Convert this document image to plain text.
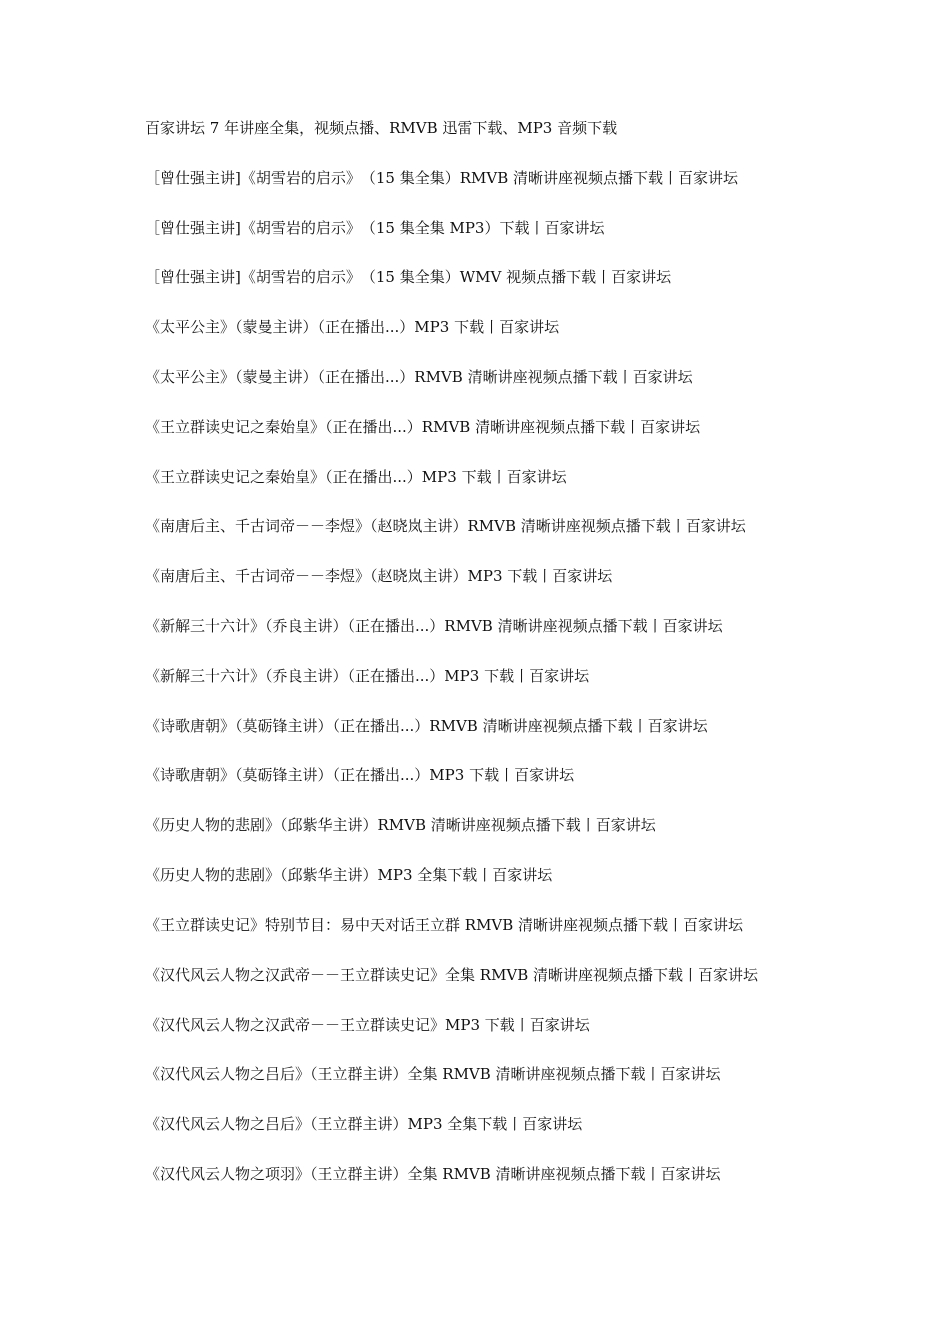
百家讲坛 7 年讲座全集，视频点播、RMVB 迅雷下载、MP3 音频下载

［曾仕强主讲]《胡雪岩的启示》　（15 集全集）RMVB 清晰讲座视频点播下载丨百家讲坛

［曾仕强主讲]《胡雪岩的启示》　（15 集全集 MP3）下载丨百家讲坛

［曾仕强主讲]《胡雪岩的启示》　（15 集全集）WMV 视频点播下载丨百家讲坛

《太平公主》（蒙曼主讲）（正在播出...）MP3 下载丨百家讲坛

《太平公主》（蒙曼主讲）（正在播出...）RMVB 清晰讲座视频点播下载丨百家讲坛

《王立群读史记之秦始皇》（正在播出...）RMVB 清晰讲座视频点播下载丨百家讲坛

《王立群读史记之秦始皇》（正在播出...）MP3 下载丨百家讲坛

《南唐后主、千古词帝－－李煜》（赵晓岚主讲）RMVB 清晰讲座视频点播下载丨百家讲坛

《南唐后主、千古词帝－－李煜》（赵晓岚主讲）MP3 下载丨百家讲坛

《新解三十六计》（乔良主讲）（正在播出...）RMVB 清晰讲座视频点播下载丨百家讲坛

《新解三十六计》（乔良主讲）（正在播出...）MP3 下载丨百家讲坛

《诗歌唐朝》（莫砺锋主讲）（正在播出...）RMVB 清晰讲座视频点播下载丨百家讲坛

《诗歌唐朝》（莫砺锋主讲）（正在播出...）MP3 下载丨百家讲坛

《历史人物的悲剧》（邱紫华主讲）RMVB 清晰讲座视频点播下载丨百家讲坛

《历史人物的悲剧》（邱紫华主讲）MP3 全集下载丨百家讲坛

《王立群读史记》特别节目：易中天对话王立群 RMVB 清晰讲座视频点播下载丨百家讲坛

《汉代风云人物之汉武帝－－王立群读史记》全集 RMVB 清晰讲座视频点播下载丨百家讲坛

《汉代风云人物之汉武帝－－王立群读史记》MP3 下载丨百家讲坛

《汉代风云人物之吕后》（王立群主讲）全集 RMVB 清晰讲座视频点播下载丨百家讲坛

《汉代风云人物之吕后》（王立群主讲）MP3 全集下载丨百家讲坛

《汉代风云人物之项羽》（王立群主讲）全集 RMVB 清晰讲座视频点播下载丨百家讲坛
